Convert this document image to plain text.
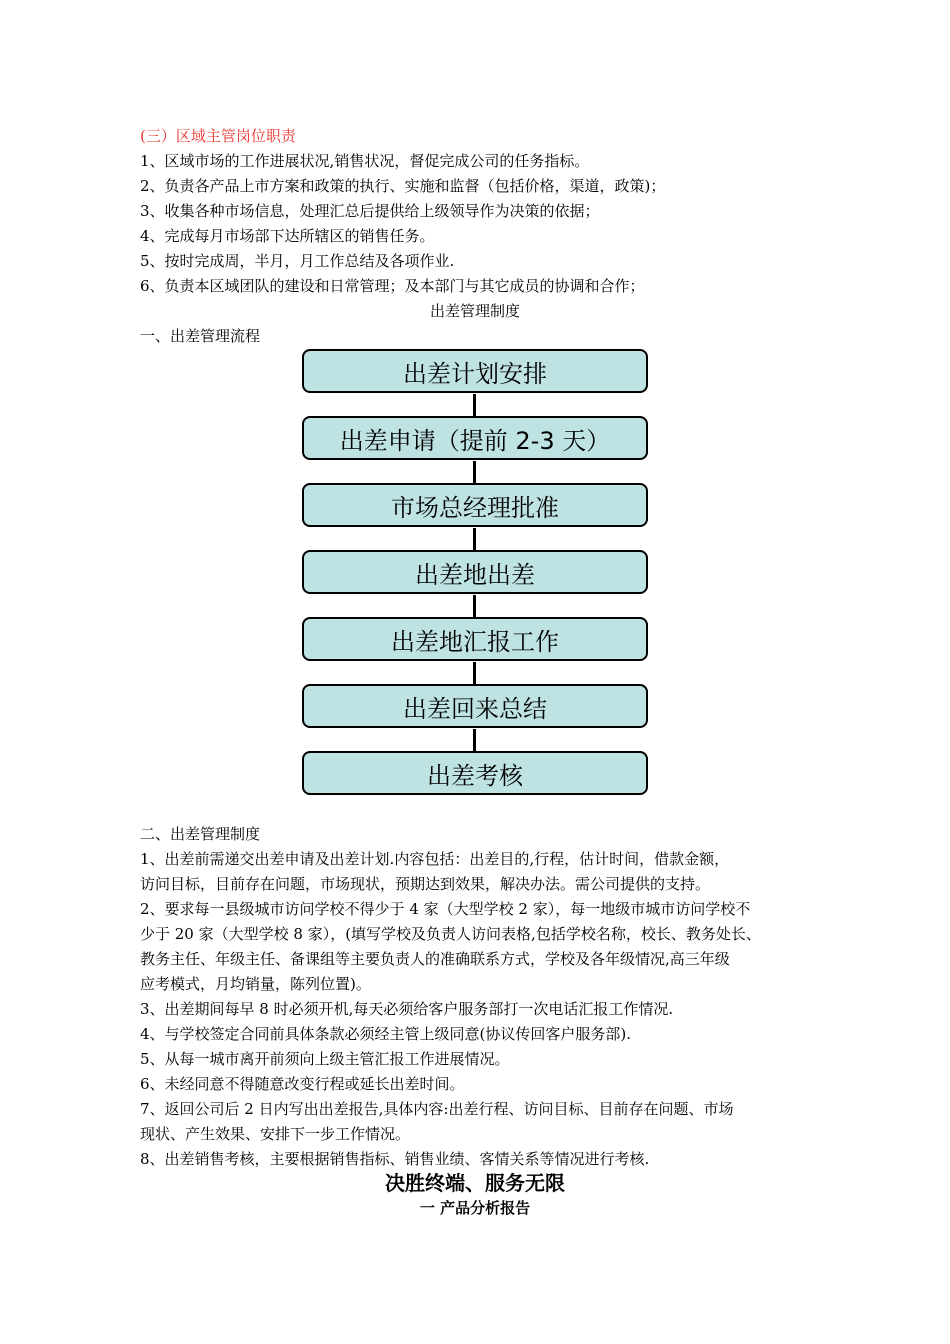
(三）区域主管岗位职责
1、区域市场的工作进展状况,销售状况，督促完成公司的任务指标。
2、负责各产品上市方案和政策的执行、实施和监督（包括价格，渠道，政策)；
3、收集各种市场信息，处理汇总后提供给上级领导作为决策的依据；
4、完成每月市场部下达所辖区的销售任务。
5、按时完成周，半月，月工作总结及各项作业.
6、负责本区域团队的建设和日常管理；及本部门与其它成员的协调和合作；
出差管理制度
一、出差管理流程
出差计划安排
出差申请（提前 2-3 天）
市场总经理批准
出差地出差
出差地汇报工作
出差回来总结
出差考核
二、出差管理制度
1、出差前需递交出差申请及出差计划.内容包括：出差目的,行程，估计时间，借款金额，
访问目标，目前存在问题，市场现状，预期达到效果，解决办法。需公司提供的支持。
2、要求每一县级城市访问学校不得少于 4 家（大型学校 2 家），每一地级市城市访问学校不
少于 20 家（大型学校 8 家），(填写学校及负责人访问表格,包括学校名称，校长、教务处长、
教务主任、年级主任、备课组等主要负责人的准确联系方式，学校及各年级情况,高三年级
应考模式，月均销量，陈列位置)。
3、出差期间每早 8 时必须开机,每天必须给客户服务部打一次电话汇报工作情况.
4、与学校签定合同前具体条款必须经主管上级同意(协议传回客户服务部).
5、从每一城市离开前须向上级主管汇报工作进展情况。
6、未经同意不得随意改变行程或延长出差时间。
7、返回公司后 2 日内写出出差报告,具体内容:出差行程、访问目标、目前存在问题、市场
现状、产生效果、安排下一步工作情况。
8、出差销售考核，主要根据销售指标、销售业绩、客情关系等情况进行考核.
决胜终端、服务无限
一 产品分析报告
